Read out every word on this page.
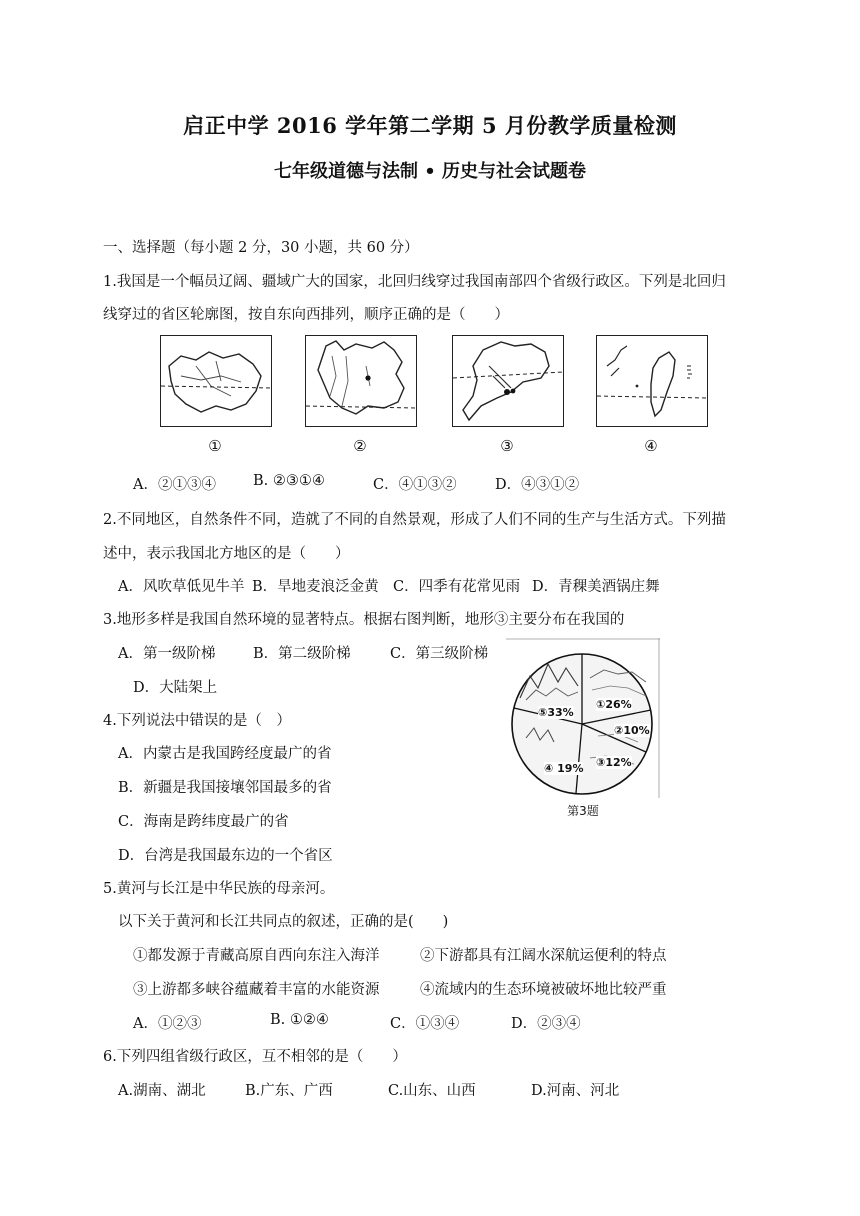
启正中学 2016 学年第二学期 5 月份教学质量检测
七年级道德与法制 • 历史与社会试题卷
一、选择题（每小题 2 分，30 小题，共 60 分）
1.我国是一个幅员辽阔、疆域广大的国家，北回归线穿过我国南部四个省级行政区。下列是北回归
线穿过的省区轮廓图，按自东向西排列，顺序正确的是（　　）
①	②	③	④
A．②①③④	B. ②③①④	C．④①③②	D．④③①②
2.不同地区，自然条件不同，造就了不同的自然景观，形成了人们不同的生产与生活方式。下列描
述中，表示我国北方地区的是（　　）
A．风吹草低见牛羊 B．旱地麦浪泛金黄 C．四季有花常见雨 D．青稞美酒锅庄舞
3.地形多样是我国自然环境的显著特点。根据右图判断，地形③主要分布在我国的
A．第一级阶梯	B．第二级阶梯	C．第三级阶梯
D．大陆架上
⑤33%
①26%
②10%
④ 19% ③12%
第3题
4.下列说法中错误的是（　）
A．内蒙古是我国跨经度最广的省
B．新疆是我国接壤邻国最多的省
C．海南是跨纬度最广的省
D．台湾是我国最东边的一个省区
5.黄河与长江是中华民族的母亲河。
以下关于黄河和长江共同点的叙述，正确的是(　　)
①都发源于青藏高原自西向东注入海洋	②下游都具有江阔水深航运便利的特点
③上游都多峡谷蕴藏着丰富的水能资源	④流域内的生态环境被破坏地比较严重
A．①②③	B. ①②④	C．①③④	D．②③④
6.下列四组省级行政区，互不相邻的是（　　）
A.湖南、湖北	B.广东、广西	C.山东、山西	D.河南、河北
